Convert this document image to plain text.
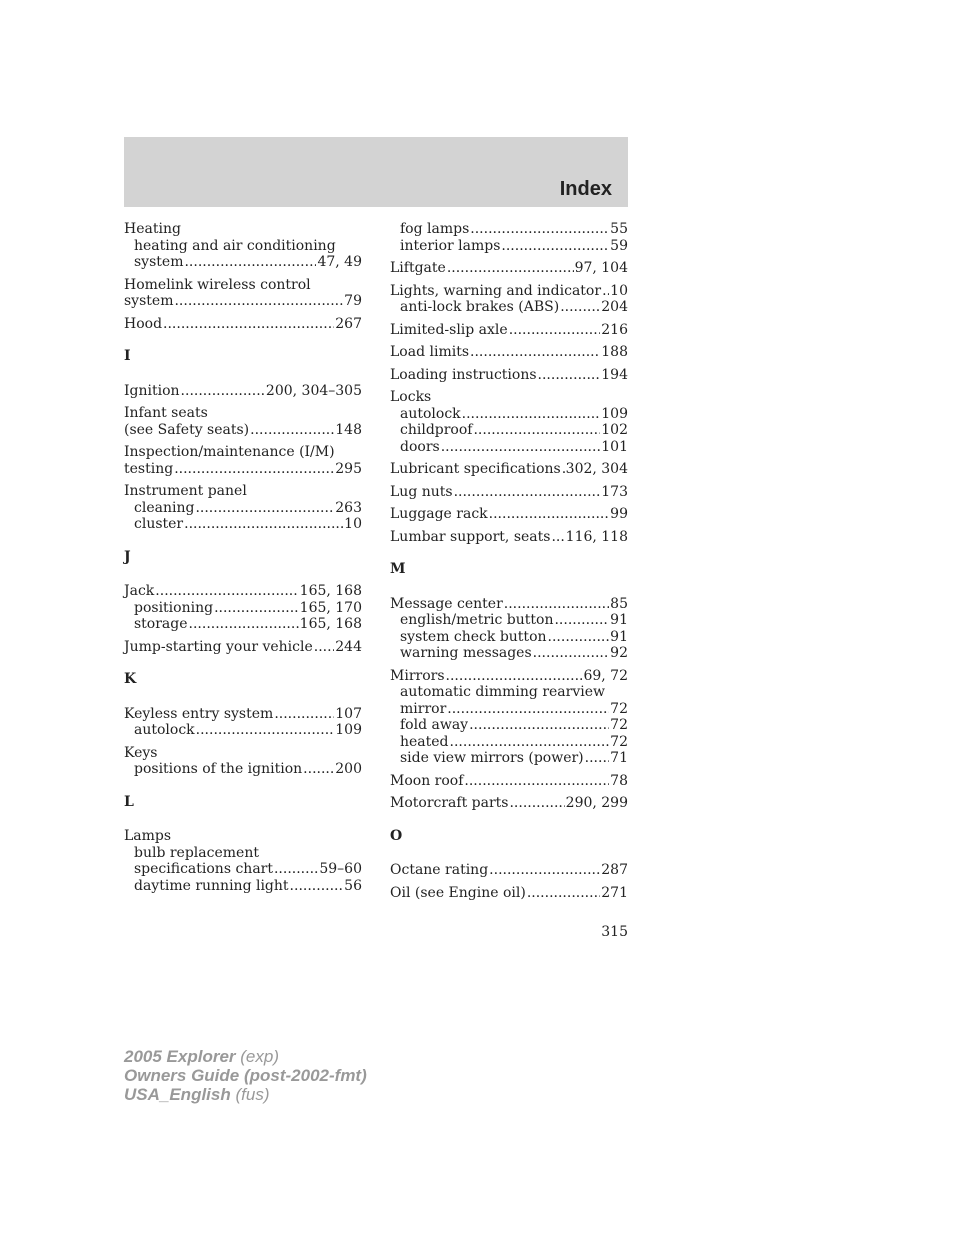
Index
Heating
heating and air conditioning
system .....	47, 49
Homelink wireless control
system .....	79
Hood .....	267
I
Ignition .....	200, 304–305
Infant seats
(see Safety seats) .....	148
Inspection/maintenance (I/M)
testing .....	295
Instrument panel
cleaning .....	263
cluster .....	10
J
Jack .....	165, 168
positioning .....	165, 170
storage .....	165, 168
Jump-starting your vehicle ..... 244
K
Keyless entry system .....	107
autolock .....	109
Keys
positions of the ignition ..... 200
L
Lamps
bulb replacement
specifications chart .....	59–60
daytime running light .....	56
fog lamps .....	55
interior lamps .....	59
Liftgate .....	97, 104
Lights, warning and indicator ..... 10
anti-lock brakes (ABS) .....	204
Limited-slip axle .....	216
Load limits .....	188
Loading instructions .....	194
Locks
autolock .....	109
childproof .....	102
doors .....	101
Lubricant specifications ..... 302, 304
Lug nuts .....	173
Luggage rack .....	99
Lumbar support, seats ..... 116, 118
M
Message center .....	85
english/metric button .....	91
system check button .....	91
warning messages .....	92
Mirrors .....	69, 72
automatic dimming rearview
mirror .....	72
fold away .....	72
heated .....	72
side view mirrors (power) ..... 71
Moon roof .....	78
Motorcraft parts .....	290, 299
O
Octane rating .....	287
Oil (see Engine oil) .....	271
315
2005 Explorer (exp)
Owners Guide (post-2002-fmt)
USA_English (fus)
